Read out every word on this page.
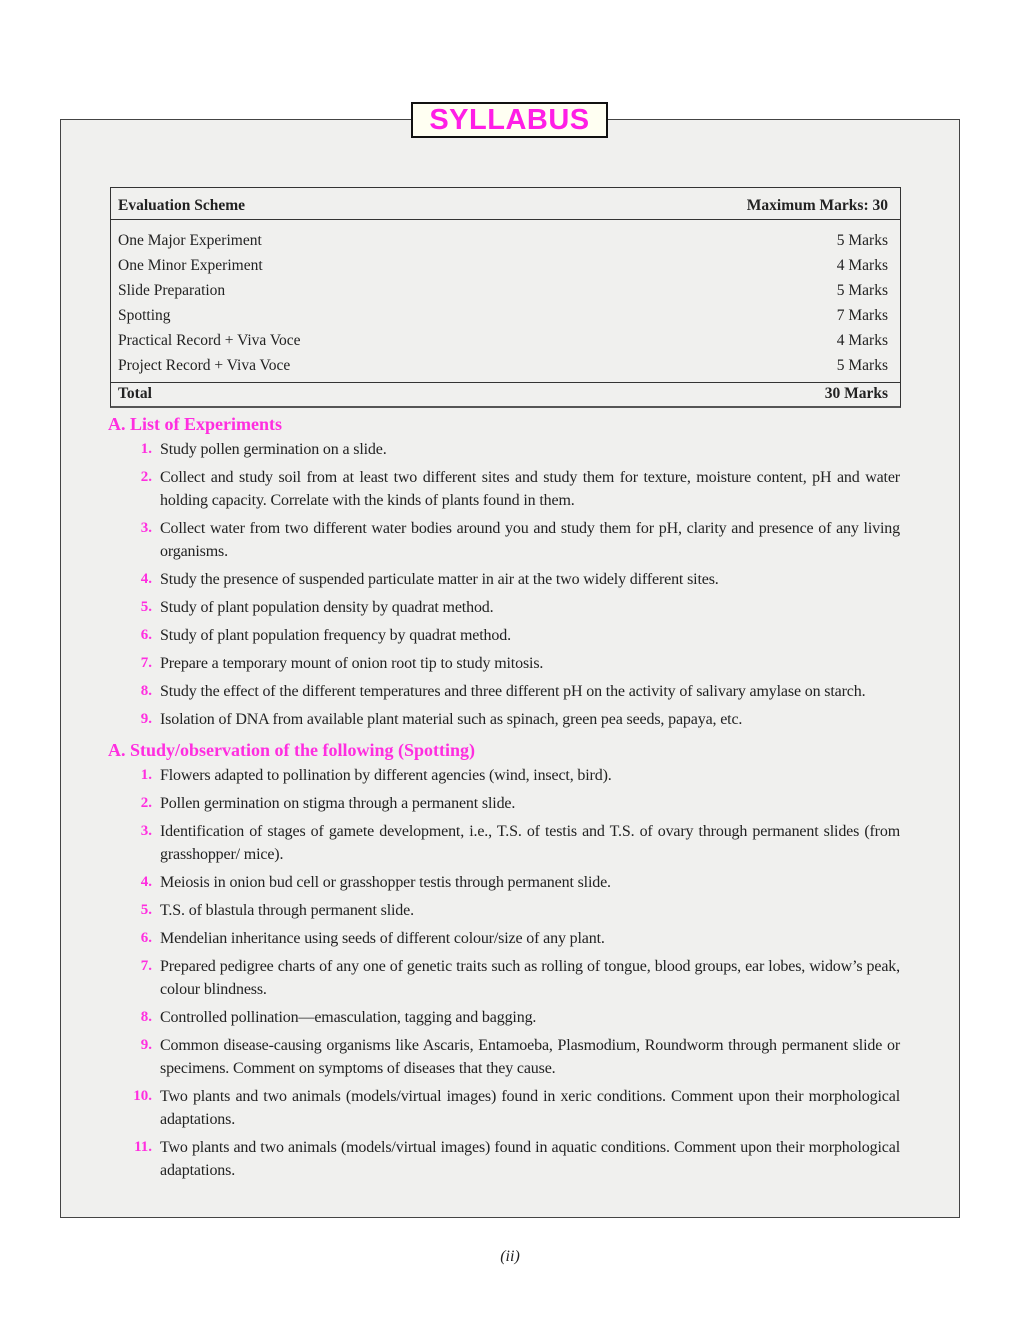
SYLLABUS
Evaluation Scheme	Maximum Marks: 30
One Major Experiment	5 Marks
One Minor Experiment	4 Marks
Slide Preparation	5 Marks
Spotting	7 Marks
Practical Record + Viva Voce	4 Marks
Project Record + Viva Voce	5 Marks
Total	30 Marks
A. List of Experiments
1. Study pollen germination on a slide.
2. Collect and study soil from at least two different sites and study them for texture, moisture content, pH and water holding capacity. Correlate with the kinds of plants found in them.
3. Collect water from two different water bodies around you and study them for pH, clarity and presence of any living organisms.
4. Study the presence of suspended particulate matter in air at the two widely different sites.
5. Study of plant population density by quadrat method.
6. Study of plant population frequency by quadrat method.
7. Prepare a temporary mount of onion root tip to study mitosis.
8. Study the effect of the different temperatures and three different pH on the activity of salivary amylase on starch.
9. Isolation of DNA from available plant material such as spinach, green pea seeds, papaya, etc.
A. Study/observation of the following (Spotting)
1. Flowers adapted to pollination by different agencies (wind, insect, bird).
2. Pollen germination on stigma through a permanent slide.
3. Identification of stages of gamete development, i.e., T.S. of testis and T.S. of ovary through permanent slides (from grasshopper/ mice).
4. Meiosis in onion bud cell or grasshopper testis through permanent slide.
5. T.S. of blastula through permanent slide.
6. Mendelian inheritance using seeds of different colour/size of any plant.
7. Prepared pedigree charts of any one of genetic traits such as rolling of tongue, blood groups, ear lobes, widow’s peak, colour blindness.
8. Controlled pollination—emasculation, tagging and bagging.
9. Common disease-causing organisms like Ascaris, Entamoeba, Plasmodium, Roundworm through permanent slide or specimens. Comment on symptoms of diseases that they cause.
10. Two plants and two animals (models/virtual images) found in xeric conditions. Comment upon their morphological adaptations.
11. Two plants and two animals (models/virtual images) found in aquatic conditions. Comment upon their morphological adaptations.
(ii)
